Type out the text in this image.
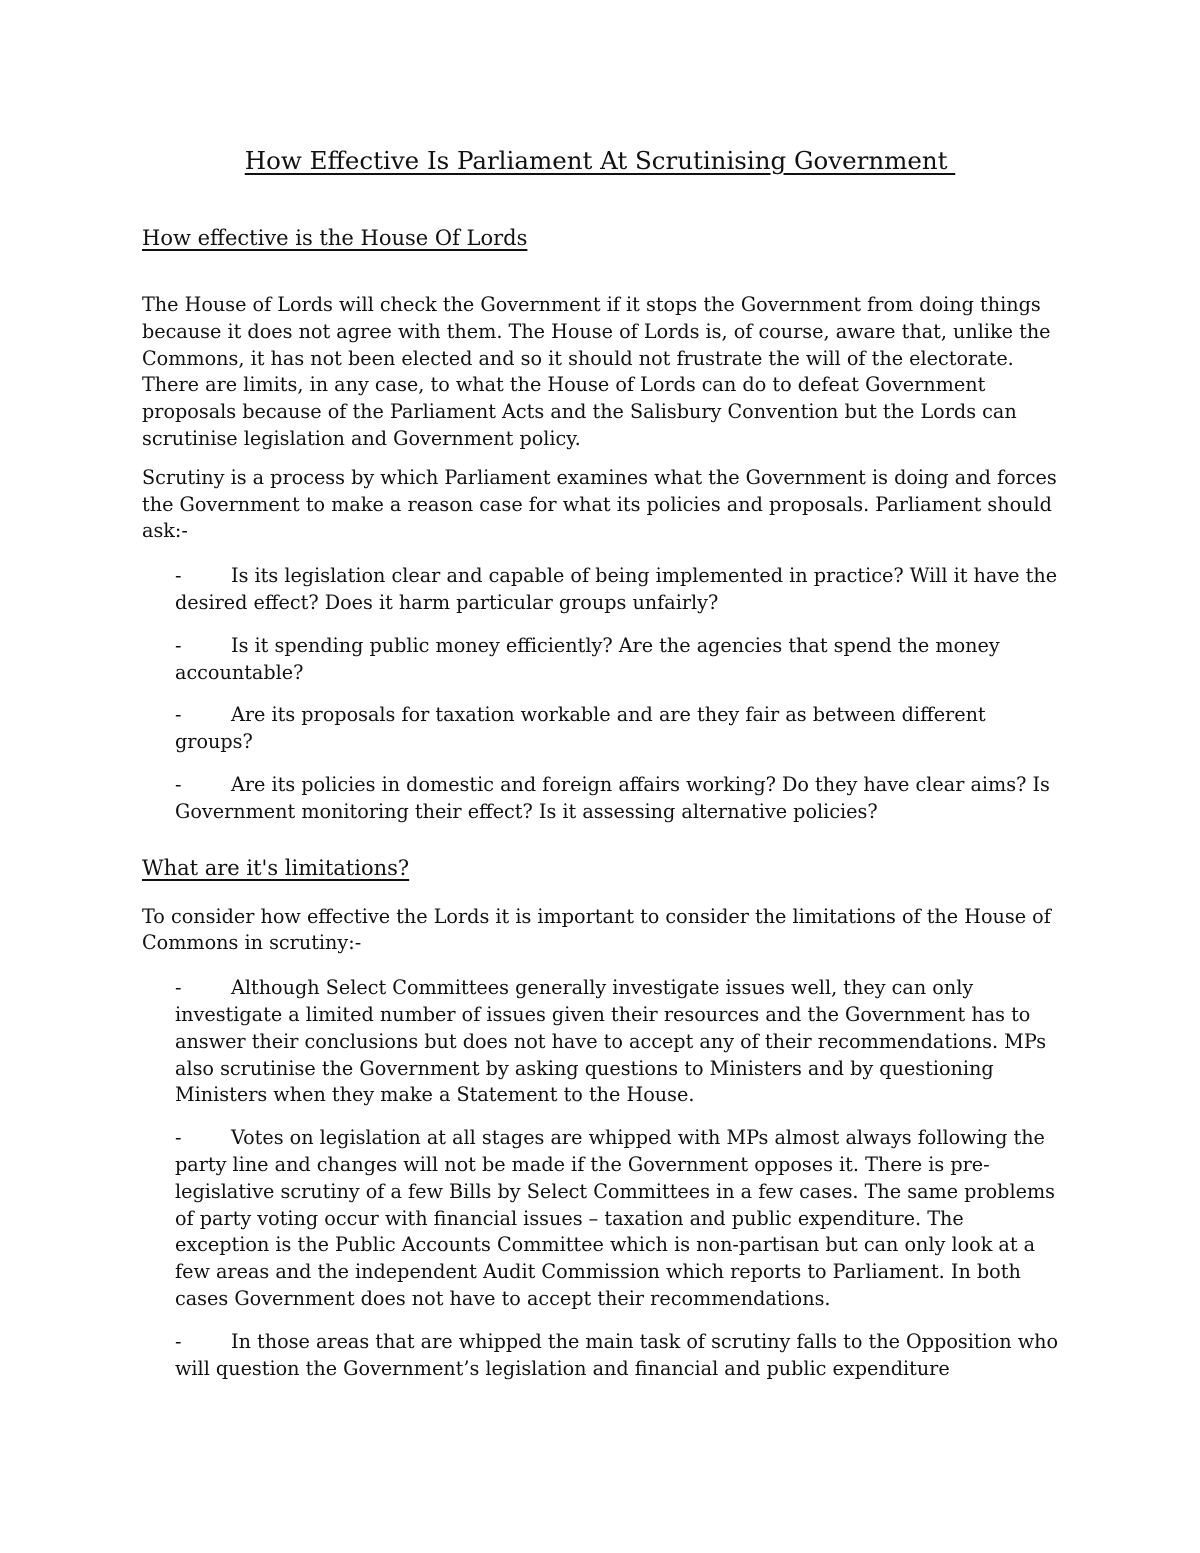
How Effective Is Parliament At Scrutinising Government
How effective is the House Of Lords

The House of Lords will check the Government if it stops the Government from doing things because it does not agree with them. The House of Lords is, of course, aware that, unlike the Commons, it has not been elected and so it should not frustrate the will of the electorate. There are limits, in any case, to what the House of Lords can do to defeat Government proposals because of the Parliament Acts and the Salisbury Convention but the Lords can scrutinise legislation and Government policy.

Scrutiny is a process by which Parliament examines what the Government is doing and forces the Government to make a reason case for what its policies and proposals. Parliament should ask:-

-	Is its legislation clear and capable of being implemented in practice? Will it have the desired effect? Does it harm particular groups unfairly?
-	Is it spending public money efficiently? Are the agencies that spend the money accountable?
-	Are its proposals for taxation workable and are they fair as between different groups?
-	Are its policies in domestic and foreign affairs working? Do they have clear aims? Is Government monitoring their effect? Is it assessing alternative policies?
What are it's limitations?

To consider how effective the Lords it is important to consider the limitations of the House of Commons in scrutiny:-

-	Although Select Committees generally investigate issues well, they can only investigate a limited number of issues given their resources and the Government has to answer their conclusions but does not have to accept any of their recommendations. MPs also scrutinise the Government by asking questions to Ministers and by questioning Ministers when they make a Statement to the House.
-	Votes on legislation at all stages are whipped with MPs almost always following the party line and changes will not be made if the Government opposes it. There is pre-legislative scrutiny of a few Bills by Select Committees in a few cases. The same problems of party voting occur with financial issues – taxation and public expenditure. The exception is the Public Accounts Committee which is non-partisan but can only look at a few areas and the independent Audit Commission which reports to Parliament. In both cases Government does not have to accept their recommendations.
-	In those areas that are whipped the main task of scrutiny falls to the Opposition who will question the Government’s legislation and financial and public expenditure
